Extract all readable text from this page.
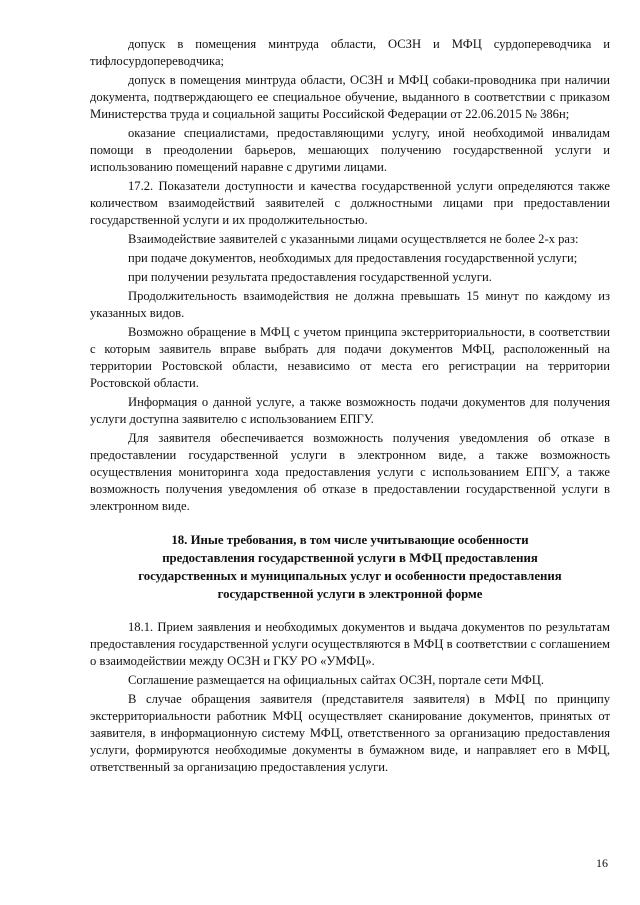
допуск в помещения минтруда области, ОСЗН и МФЦ сурдопереводчика и тифлосурдопереводчика;

допуск в помещения минтруда области, ОСЗН и МФЦ собаки-проводника при наличии документа, подтверждающего ее специальное обучение, выданного в соответствии с приказом Министерства труда и социальной защиты Российской Федерации от 22.06.2015 № 386н;

оказание специалистами, предоставляющими услугу, иной необходимой инвалидам помощи в преодолении барьеров, мешающих получению государственной услуги и использованию помещений наравне с другими лицами.

17.2. Показатели доступности и качества государственной услуги определяются также количеством взаимодействий заявителей с должностными лицами при предоставлении государственной услуги и их продолжительностью.

Взаимодействие заявителей с указанными лицами осуществляется не более 2-х раз:

при подаче документов, необходимых для предоставления государственной услуги;

при получении результата предоставления государственной услуги.

Продолжительность взаимодействия не должна превышать 15 минут по каждому из указанных видов.

Возможно обращение в МФЦ с учетом принципа экстерриториальности, в соответствии с которым заявитель вправе выбрать для подачи документов МФЦ, расположенный на территории Ростовской области, независимо от места его регистрации на территории Ростовской области.

Информация о данной услуге, а также возможность подачи документов для получения услуги доступна заявителю с использованием ЕПГУ.

Для заявителя обеспечивается возможность получения уведомления об отказе в предоставлении государственной услуги в электронном виде, а также возможность осуществления мониторинга хода предоставления услуги с использованием ЕПГУ, а также возможность получения уведомления об отказе в предоставлении государственной услуги в электронном виде.

18. Иные требования, в том числе учитывающие особенности
предоставления государственной услуги в МФЦ предоставления
государственных и муниципальных услуг и особенности предоставления
государственной услуги в электронной форме

18.1. Прием заявления и необходимых документов и выдача документов по результатам предоставления государственной услуги осуществляются в МФЦ в соответствии с соглашением о взаимодействии между ОСЗН и ГКУ РО «УМФЦ».

Соглашение размещается на официальных сайтах ОСЗН, портале сети МФЦ.

В случае обращения заявителя (представителя заявителя) в МФЦ по принципу экстерриториальности работник МФЦ осуществляет сканирование документов, принятых от заявителя, в информационную систему МФЦ, ответственного за организацию предоставления услуги, формируются необходимые документы в бумажном виде, и направляет его в МФЦ, ответственный за организацию предоставления услуги.

16
